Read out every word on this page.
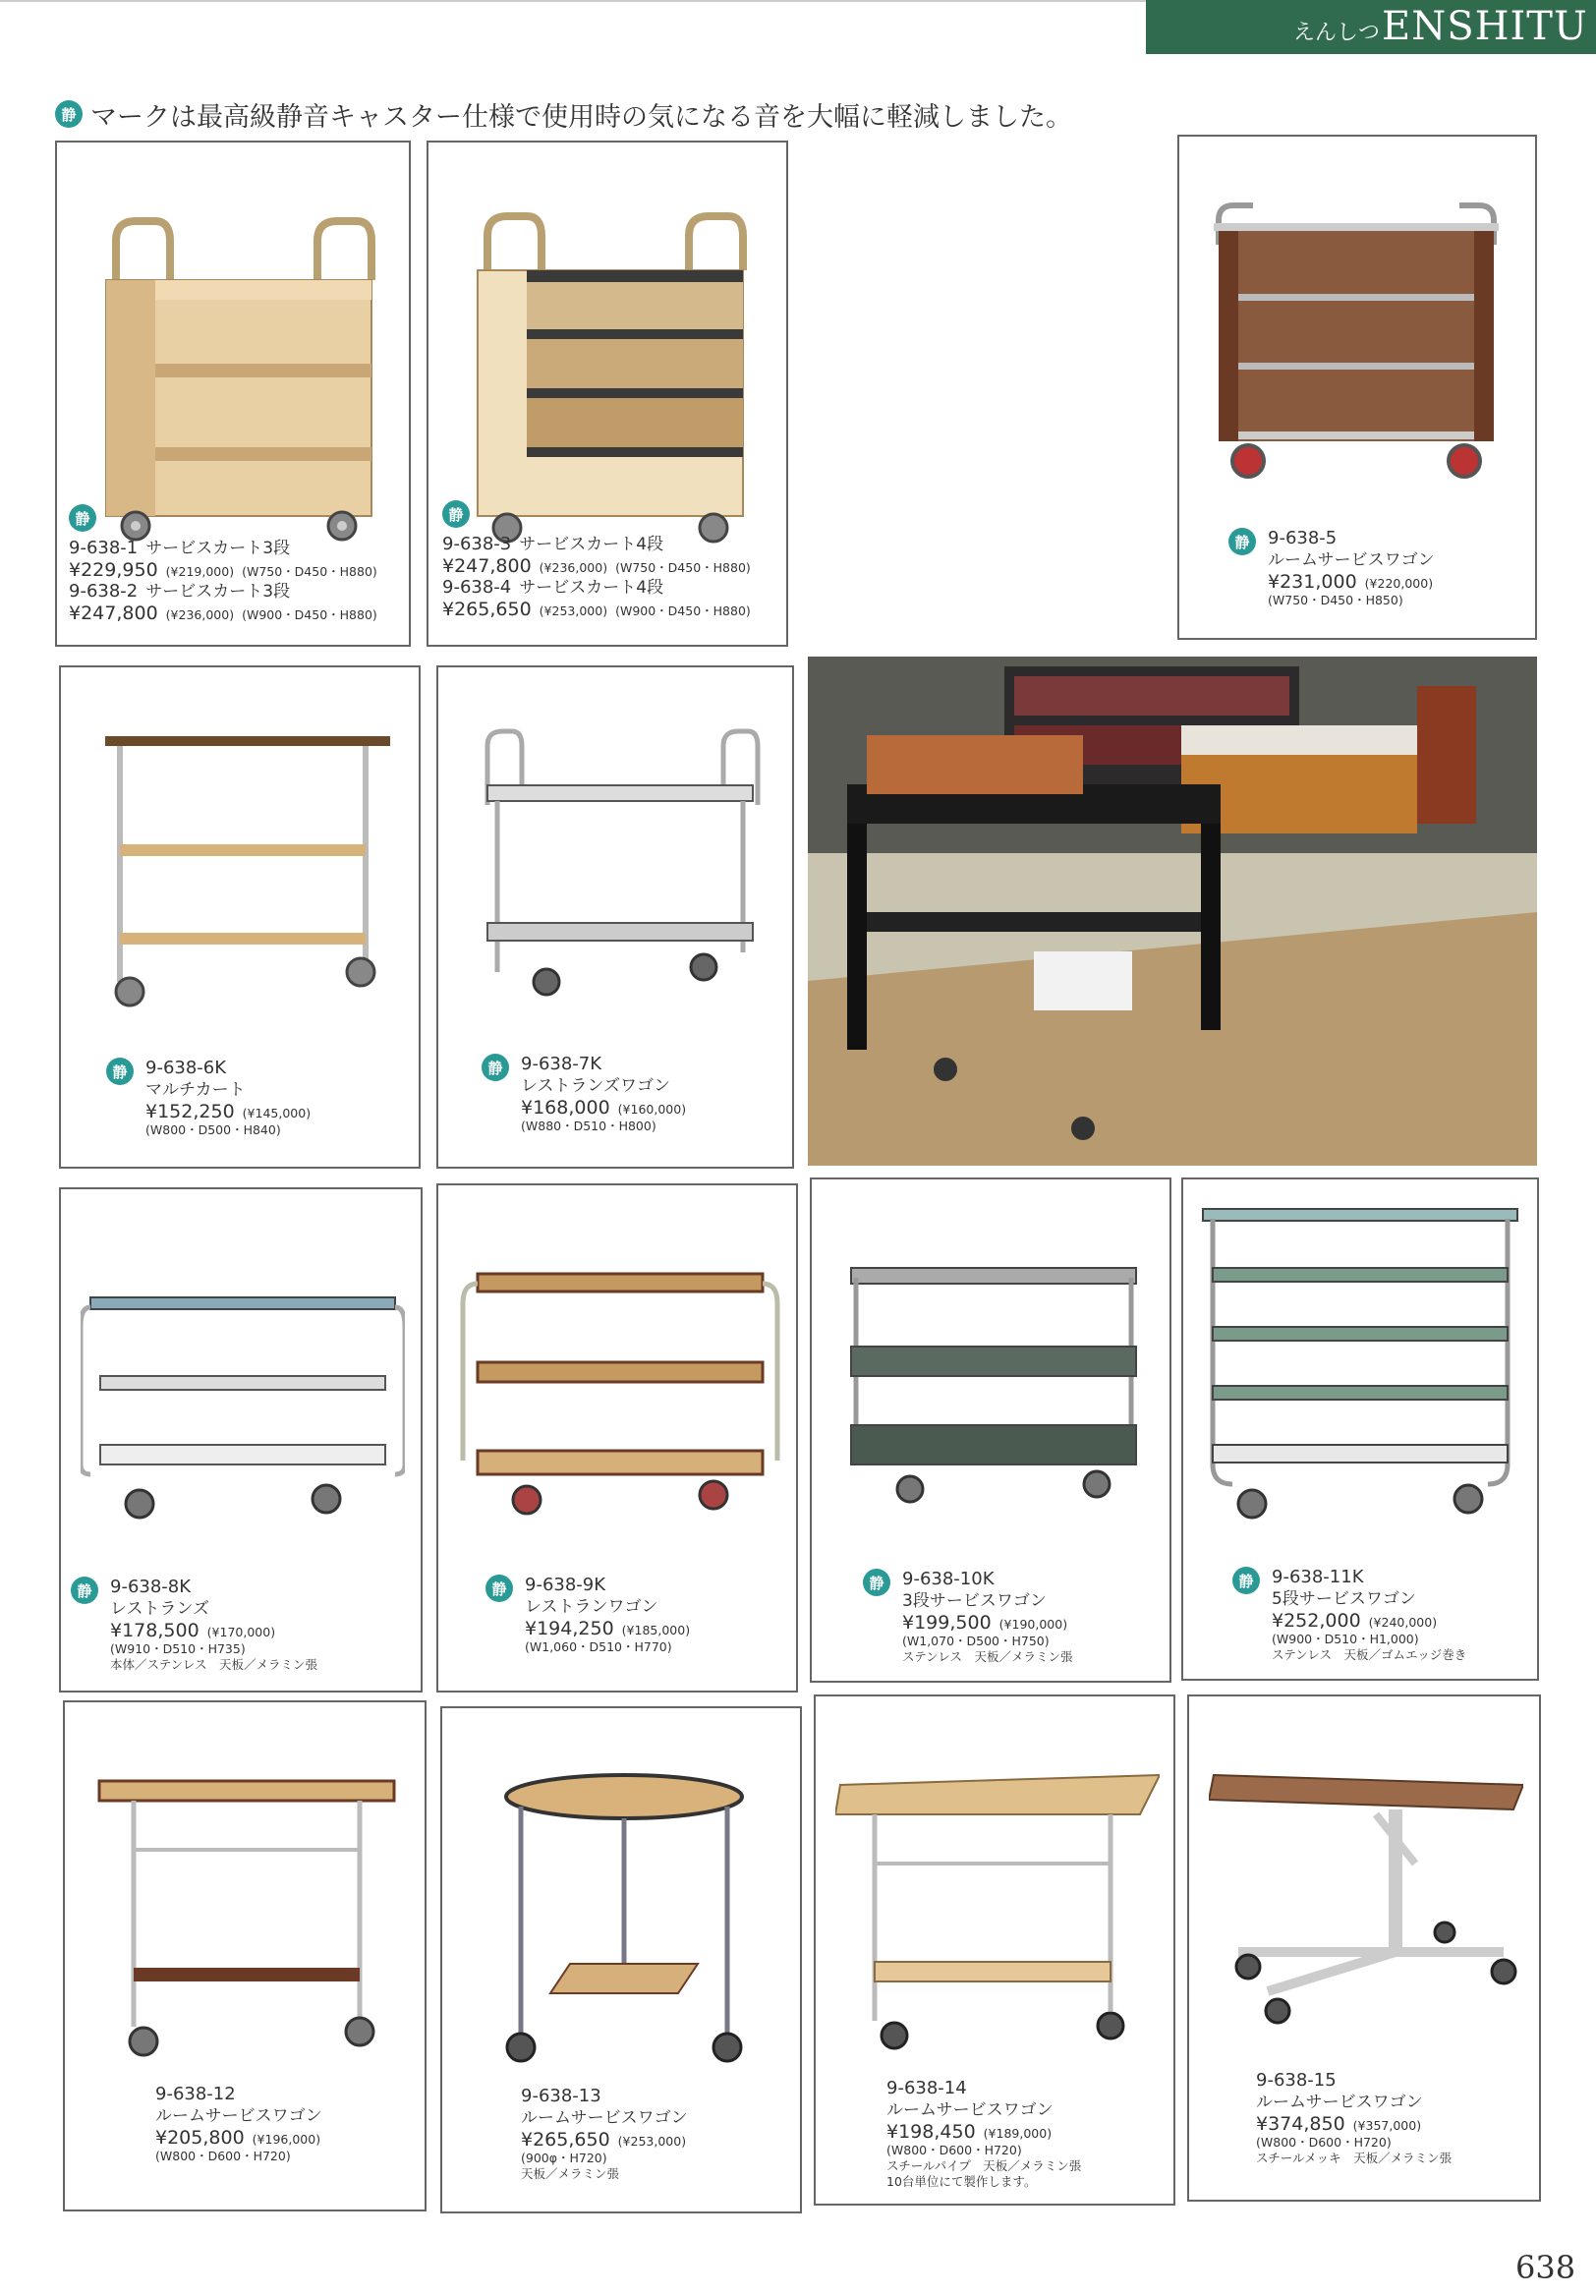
えんしつ ENSHITU
静 マークは最高級静音キャスター仕様で使用時の気になる音を大幅に軽減しました。
静
9-638-1 サービスカート3段
¥229,950 (¥219,000) (W750・D450・H880)
9-638-2 サービスカート3段
¥247,800 (¥236,000) (W900・D450・H880)
静
9-638-3 サービスカート4段
¥247,800 (¥236,000) (W750・D450・H880)
9-638-4 サービスカート4段
¥265,650 (¥253,000) (W900・D450・H880)
静	9-638-5
ルームサービスワゴン
¥231,000 (¥220,000)
(W750・D450・H850)
静	9-638-6K
マルチカート
¥152,250 (¥145,000)
(W800・D500・H840)
静	9-638-7K
レストランズワゴン
¥168,000 (¥160,000)
(W880・D510・H800)
静	9-638-8K
レストランズ
¥178,500 (¥170,000)
(W910・D510・H735)
本体／ステンレス　天板／メラミン張
静	9-638-9K
レストランワゴン
¥194,250 (¥185,000)
(W1,060・D510・H770)
静	9-638-10K
3段サービスワゴン
¥199,500 (¥190,000)
(W1,070・D500・H750)
ステンレス　天板／メラミン張
静	9-638-11K
5段サービスワゴン
¥252,000 (¥240,000)
(W900・D510・H1,000)
ステンレス　天板／ゴムエッジ巻き
9-638-12
ルームサービスワゴン
¥205,800 (¥196,000)
(W800・D600・H720)
9-638-13
ルームサービスワゴン
¥265,650 (¥253,000)
(900φ・H720)
天板／メラミン張
9-638-14
ルームサービスワゴン
¥198,450 (¥189,000)
(W800・D600・H720)
スチールパイプ　天板／メラミン張
10台単位にて製作します。
9-638-15
ルームサービスワゴン
¥374,850 (¥357,000)
(W800・D600・H720)
スチールメッキ　天板／メラミン張
638
